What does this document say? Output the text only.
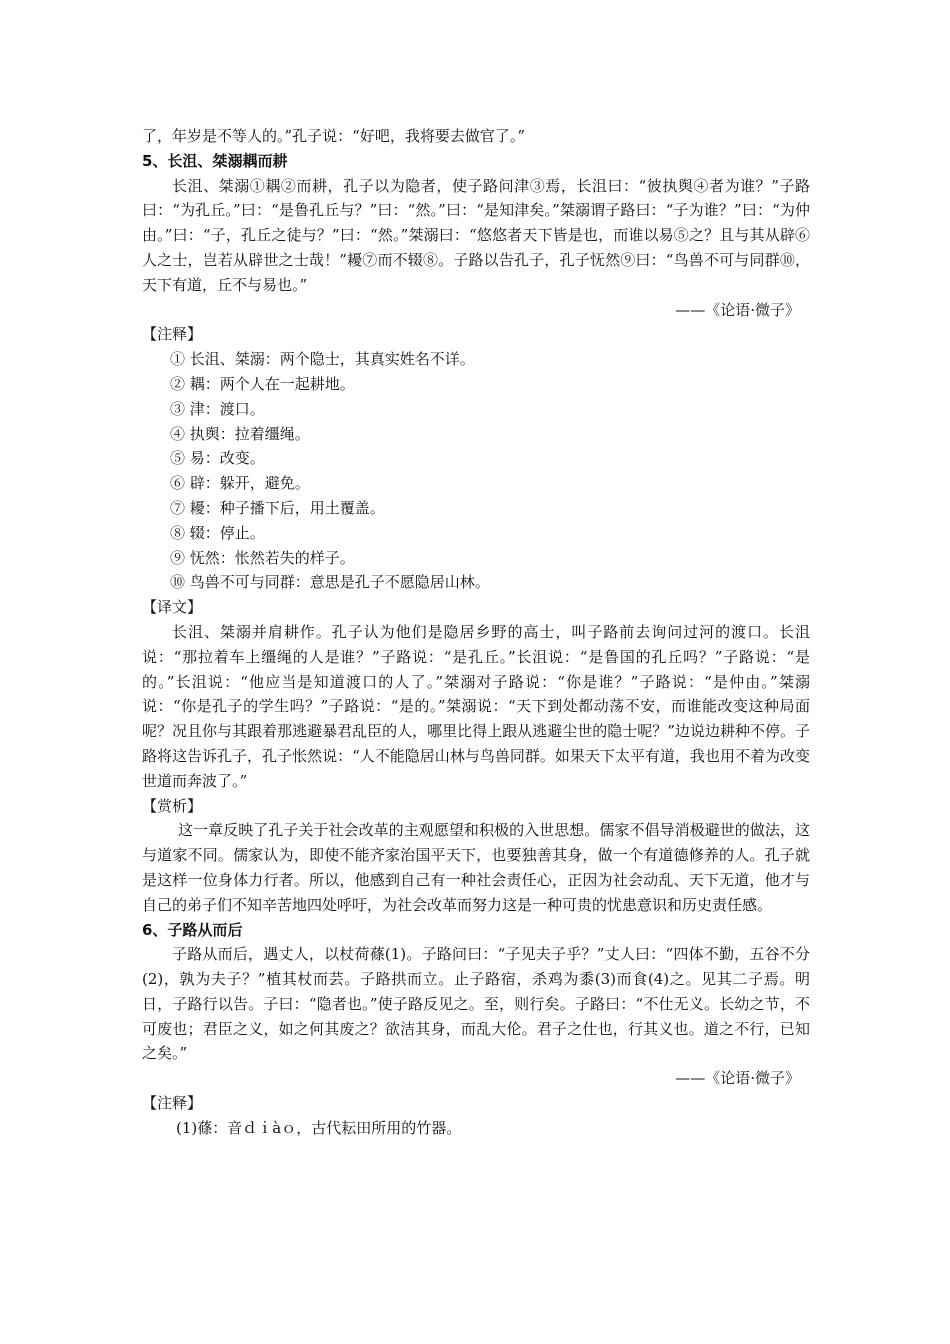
了，年岁是不等人的。”孔子说：“好吧，我将要去做官了。”
5、长沮、桀溺耦而耕

长沮、桀溺①耦②而耕，孔子以为隐者，使子路问津③焉，长沮曰：“彼执舆④者为谁？”子路曰：“为孔丘。”曰：“是鲁孔丘与？”曰：“然。”曰：“是知津矣。”桀溺谓子路曰：“子为谁？”曰：“为仲由。”曰：“子，孔丘之徒与？”曰：“然。”桀溺曰：“悠悠者天下皆是也，而谁以易⑤之？且与其从辟⑥人之士，岂若从辟世之士哉！”耰⑦而不辍⑧。子路以告孔子，孔子怃然⑨曰：“鸟兽不可与同群⑩，天下有道，丘不与易也。”

——《论语·微子》
【注释】
① 长沮、桀溺：两个隐士，其真实姓名不详。
② 耦：两个人在一起耕地。
③ 津：渡口。
④ 执舆：拉着缰绳。
⑤ 易：改变。
⑥ 辟：躲开，避免。
⑦ 耰：种子播下后，用土覆盖。
⑧ 辍：停止。
⑨ 怃然：怅然若失的样子。
⑩ 鸟兽不可与同群：意思是孔子不愿隐居山林。
【译文】

长沮、桀溺并肩耕作。孔子认为他们是隐居乡野的高士，叫子路前去询问过河的渡口。长沮说：“那拉着车上缰绳的人是谁？”子路说：“是孔丘。”长沮说：“是鲁国的孔丘吗？”子路说：“是的。”长沮说：“他应当是知道渡口的人了。”桀溺对子路说：“你是谁？”子路说：“是仲由。”桀溺说：“你是孔子的学生吗？”子路说：“是的。”桀溺说：“天下到处都动荡不安，而谁能改变这种局面呢？况且你与其跟着那逃避暴君乱臣的人，哪里比得上跟从逃避尘世的隐士呢？”边说边耕种不停。子路将这告诉孔子，孔子怅然说：“人不能隐居山林与鸟兽同群。如果天下太平有道，我也用不着为改变世道而奔波了。”

【赏析】

这一章反映了孔子关于社会改革的主观愿望和积极的入世思想。儒家不倡导消极避世的做法，这与道家不同。儒家认为，即使不能齐家治国平天下，也要独善其身，做一个有道德修养的人。孔子就是这样一位身体力行者。所以，他感到自己有一种社会责任心，正因为社会动乱、天下无道，他才与自己的弟子们不知辛苦地四处呼吁，为社会改革而努力这是一种可贵的忧患意识和历史责任感。

6、子路从而后

子路从而后，遇丈人，以杖荷蓧(1)。子路问曰：“子见夫子乎？”丈人曰：“四体不勤，五谷不分(2)，孰为夫子？”植其杖而芸。子路拱而立。止子路宿，杀鸡为黍(3)而食(4)之。见其二子焉。明日，子路行以告。子曰：“隐者也。”使子路反见之。至，则行矣。子路曰：“不仕无义。长幼之节，不可废也；君臣之义，如之何其废之？欲洁其身，而乱大伦。君子之仕也，行其义也。道之不行，已知之矣。”

——《论语·微子》
【注释】
(1)蓧：音ｄｉàｏ，古代耘田所用的竹器。
